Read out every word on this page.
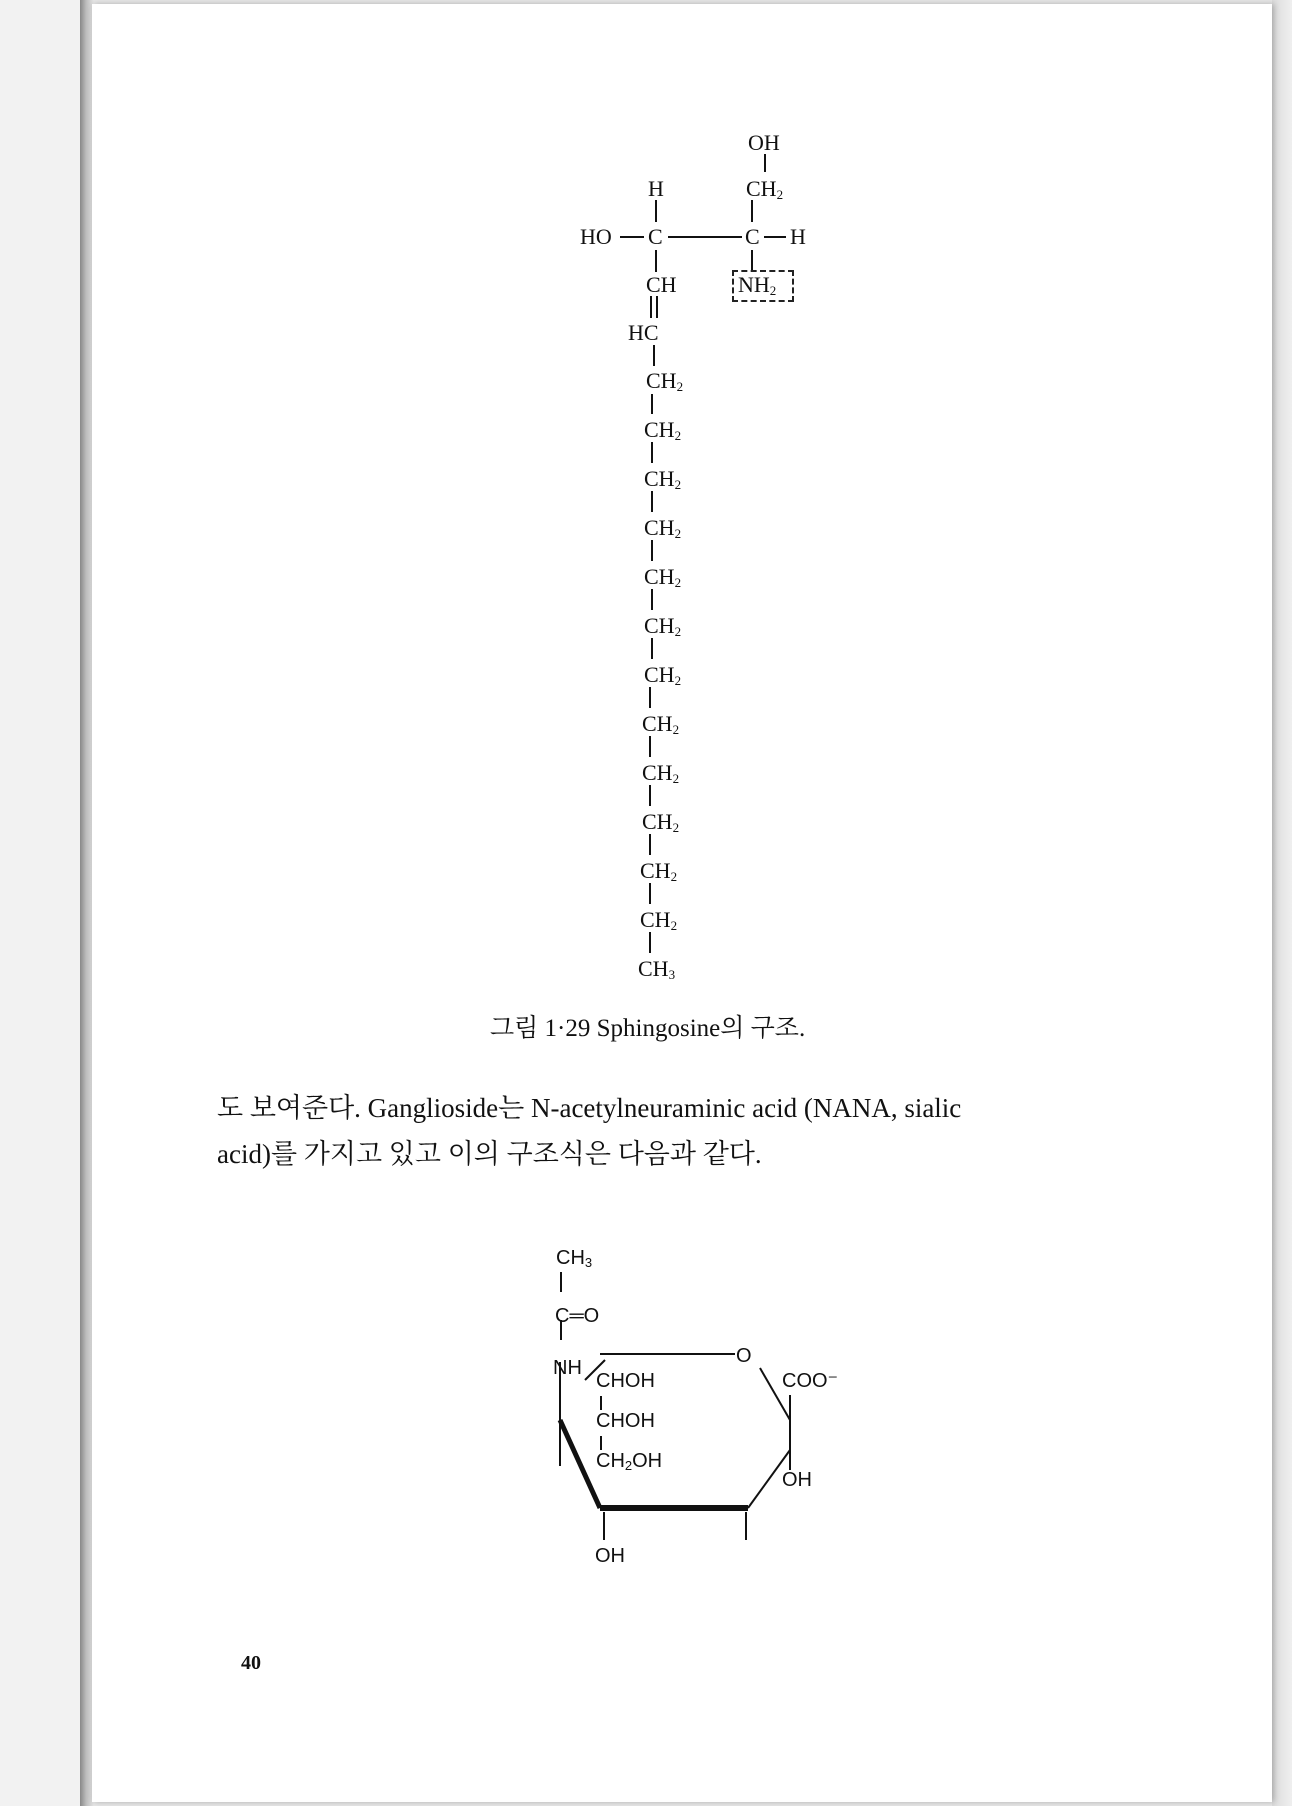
OH
H	$CH_2$
HO C	C H
CH	$NH_2$
HC
$CH_2$
$CH_2$
$CH_2$
$CH_2$
$CH_2$
$CH_2$
$CH_2$
$CH_2$
$CH_2$
$CH_2$
$CH_2$
$CH_2$
$CH_3$
그림 1·29 Sphingosine의 구조.
도 보여준다. Ganglioside는 N-acetylneuraminic acid (NANA, sialic
acid)를 가지고 있고 이의 구조식은 다음과 같다.
$CH_3$
C═O
NH
O
CHOH
CHOH
$CH_2OH$
COO⁻
OH
OH
40
